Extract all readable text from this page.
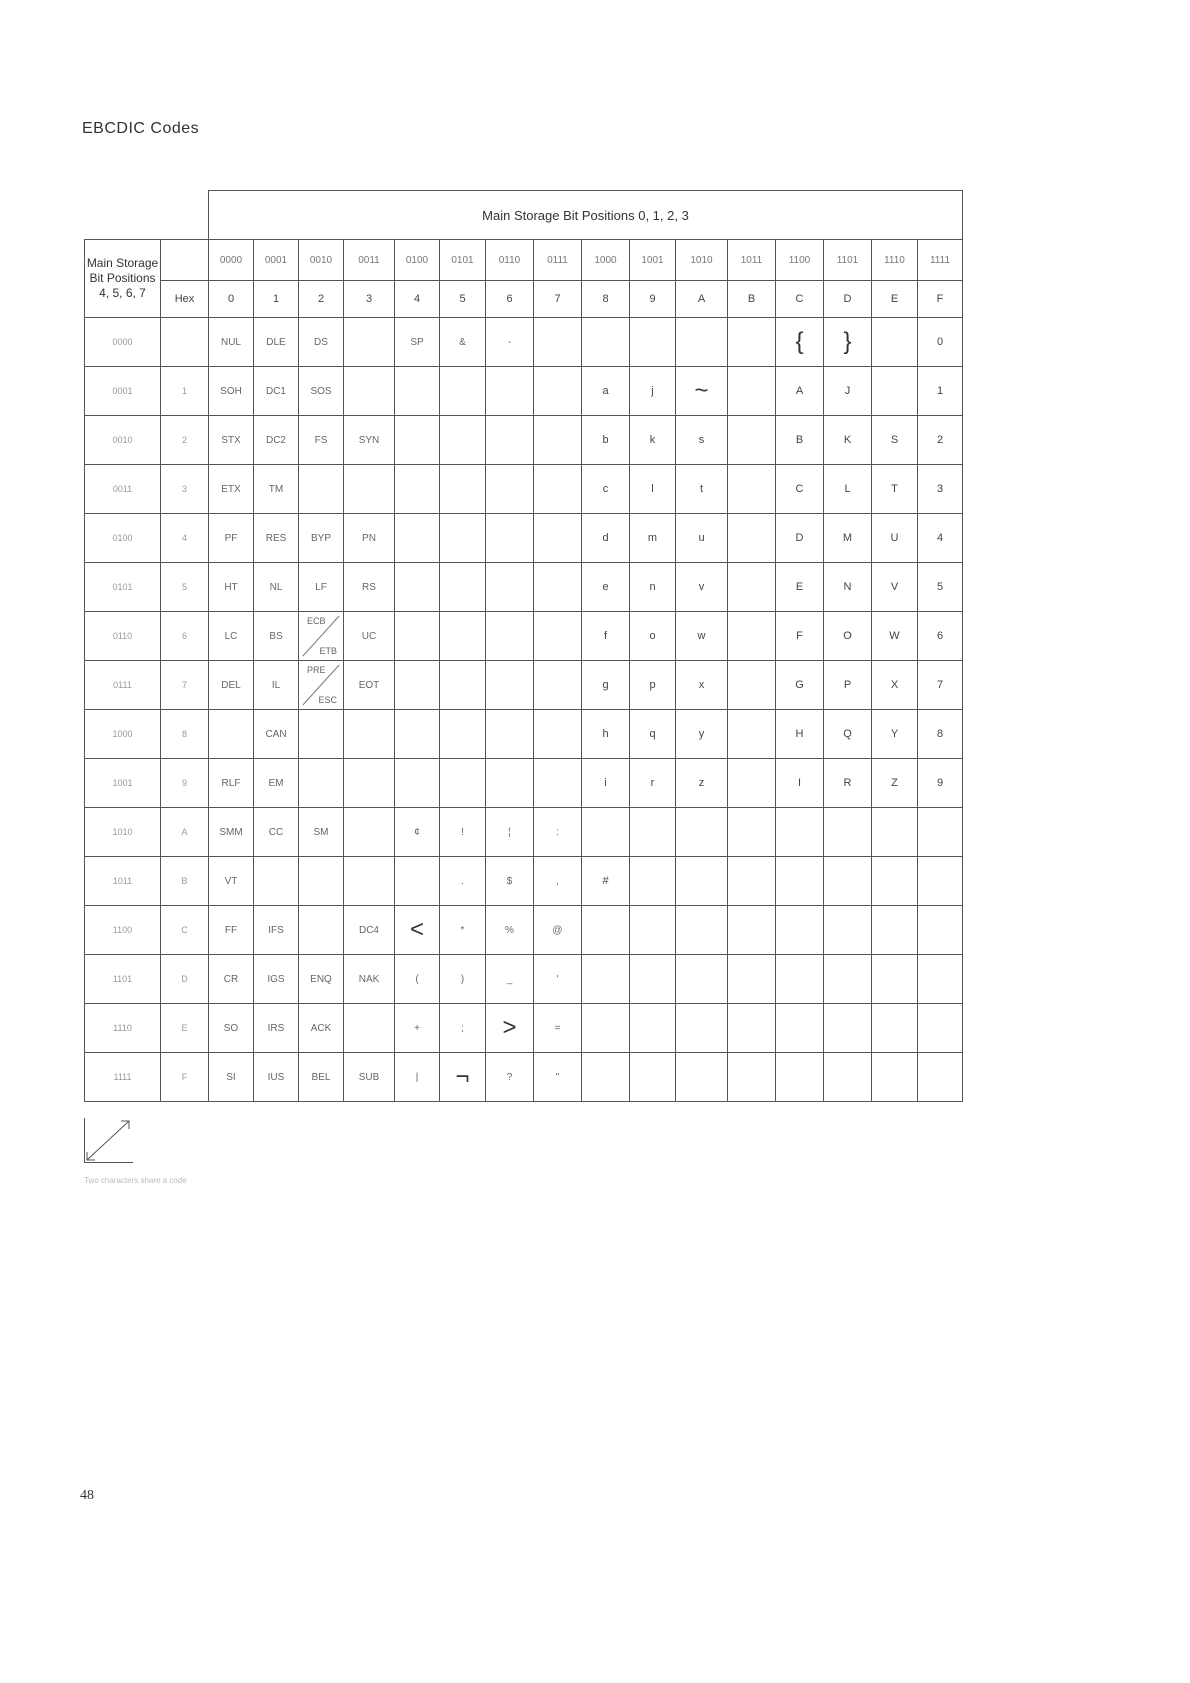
EBCDIC Codes
		Main Storage Bit Positions 0, 1, 2, 3															

Main Storage
Bit Positions
4, 5, 6, 7		0000	0001	0010	0011	0100	0101	0110	0111	1000	1001	1010	1011	1100	1101	1110	1111
	Hex	0	1	2	3	4	5	6	7	8	9	A	B	C	D	E	F
0000		NUL	DLE	DS		SP	&	-						{	}		0
0001	1	SOH	DC1	SOS						a	j	~		A	J		1
0010	2	STX	DC2	FS	SYN					b	k	s		B	K	S	2
0011	3	ETX	TM							c	l	t		C	L	T	3
0100	4	PF	RES	BYP	PN					d	m	u		D	M	U	4
0101	5	HT	NL	LF	RS					e	n	v		E	N	V	5
0110	6	LC	BS	ECB
ETB	UC					f	o	w		F	O	W	6
0111	7	DEL	IL	PRE
ESC	EOT					g	p	x		G	P	X	7
1000	8		CAN							h	q	y		H	Q	Y	8
1001	9	RLF	EM							i	r	z		I	R	Z	9
1010	A	SMM	CC	SM		¢	!	¦	:								
1011	B	VT					.	$	,	#							
1100	C	FF	IFS		DC4	<	*	%	@								
1101	D	CR	IGS	ENQ	NAK	(	)	_	'								
1110	E	SO	IRS	ACK		+	;	>	=								
1111	F	SI	IUS	BEL	SUB	|	¬	?	"								
Two characters share a code
48
